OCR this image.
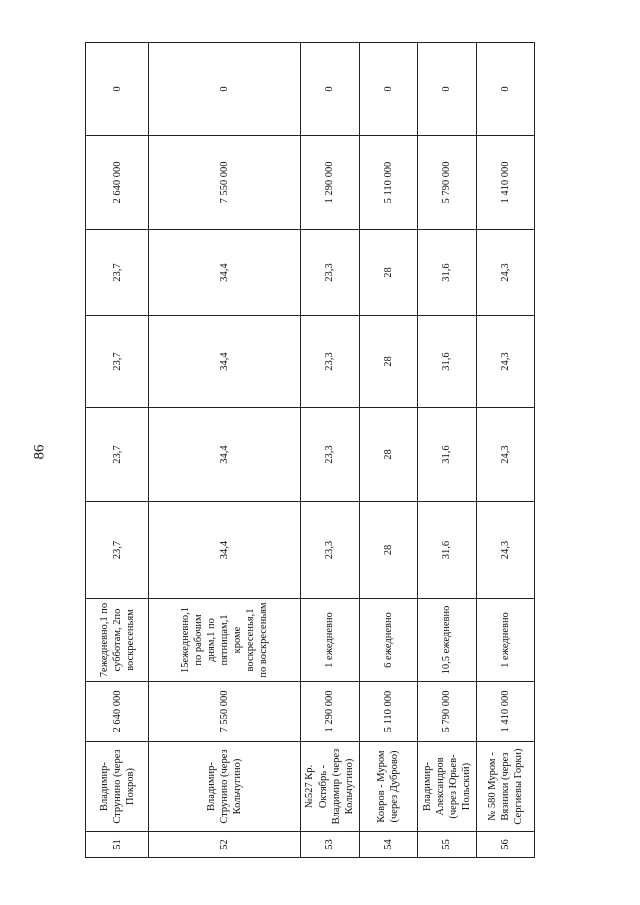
86
51	Владимир-Струнино (через Покров)	2 640 000	7ежедневно,1 по субботам, 2по воскресеньям	23,7	23,7	23,7	23,7	2 640 000	0
52	Владимир-Струнино (через Кольчугино)	7 550 000	15ежедневно,1 по рабочим дням,1 по пятницам,1 кроме воскресенья,1 по воскресеньям	34,4	34,4	34,4	34,4	7 550 000	0
53	№527 Кр. Октябрь - Владимир (через Кольчугино)	1 290 000	1 ежедневно	23,3	23,3	23,3	23,3	1 290 000	0
54	Ковров - Муром (через Дуброво)	5 110 000	6 ежедневно	28	28	28	28	5 110 000	0
55	Владимир-Александров (через Юрьев-Польский)	5 790 000	10,5 ежедневно	31,6	31,6	31,6	31,6	5 790 000	0
56	№ 580 Муром - Вязники (через Сергиевы Горки)	1 410 000	1 ежедневно	24,3	24,3	24,3	24,3	1 410 000	0
